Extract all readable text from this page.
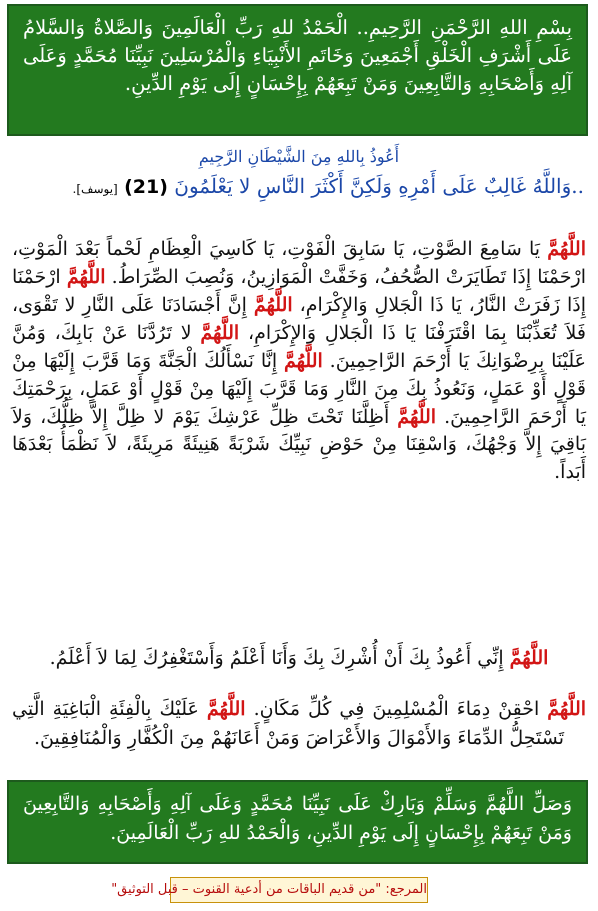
بِسْمِ اللهِ الرَّحْمَنِ الرَّحِيمِ.. الْحَمْدُ للهِ رَبِّ الْعَالَمِينَ وَالصَّلاةُ وَالسَّلامُ عَلَى أَشْرَفِ الْخَلْقِ أَجْمَعِينَ وَخَاتَمِ الأَنْبِيَاءِ وَالْمُرْسَلِينَ نَبِيِّنَا مُحَمَّدٍ وَعَلَى آلِهِ وَأَصْحَابِهِ وَالتَّابِعِينَ وَمَنْ تَبِعَهُمْ بِإِحْسَانٍ إِلَى يَوْمِ الدِّينِ.
أَعُوذُ بِاللهِ مِنَ الشَّيْطَانِ الرَّجِيمِ
..وَاللَّهُ غَالِبٌ عَلَى أَمْرِهِ وَلَكِنَّ أَكْثَرَ النَّاسِ لا يَعْلَمُونَ (21) [يوسف].
اللَّهُمَّ يَا سَامِعَ الصَّوْتِ، يَا سَابِقَ الْفَوْتِ، يَا كَاسِيَ الْعِظَامِ لَحْماً بَعْدَ الْمَوْتِ، ارْحَمْنَا إِذَا تَطَايَرَتْ الصُّحُفُ، وَخَفَّتْ الْمَوَازِينُ، وَنُصِبَ الصِّرَاطُ. اللَّهُمَّ ارْحَمْنَا إِذَا زَفَرَتْ النَّارُ، يَا ذَا الْجَلالِ وَالإِكْرَامِ، اللَّهُمَّ إِنَّ أَجْسَادَنَا عَلَى النَّارِ لا تَقْوَى، فَلاَ تُعَذِّبْنَا بِمَا اقْتَرَفْنَا يَا ذَا الْجَلالِ وَالإِكْرَامِ، اللَّهُمَّ لا تَرُدَّنَا عَنْ بَابِكَ، وَمُنَّ عَلَيْنَا بِرِضْوَانِكَ يَا أَرْحَمَ الرَّاحِمِينَ. اللَّهُمَّ إِنَّا نَسْأَلُكَ الْجَنَّةَ وَمَا قَرَّبَ إِلَيْهَا مِنْ قَوْلٍ أَوْ عَمَلٍ، وَنَعُوذُ بِكَ مِنَ النَّارِ وَمَا قَرَّبَ إِلَيْهَا مِنْ قَوْلٍ أَوْ عَمَلٍ، بِرَحْمَتِكَ يَا أَرْحَمَ الرَّاحِمِينَ. اللَّهُمَّ أَظِلَّنَا تَحْتَ ظِلِّ عَرْشِكَ يَوْمَ لا ظِلَّ إِلاَّ ظِلُّكَ، وَلاَ بَاقِيَ إِلاَّ وَجْهُكَ، وَاسْقِنَا مِنْ حَوْضِ نَبِيِّكَ شَرْبَةً هَنِيئَةً مَرِيئَةً، لاَ نَظْمَأُ بَعْدَهَا أَبَداً.
اللَّهُمَّ إِنِّي أَعُوذُ بِكَ أَنْ أُشْرِكَ بِكَ وَأَنَا أَعْلَمُ وَأَسْتَغْفِرُكَ لِمَا لاَ أَعْلَمُ.
اللَّهُمَّ احْقِنْ دِمَاءَ الْمُسْلِمِينَ فِي كُلِّ مَكَانٍ. اللَّهُمَّ عَلَيْكَ بِالْفِئَةِ الْبَاغِيَةِ الَّتِي تَسْتَحِلُّ الدِّمَاءَ وَالأَمْوَالَ وَالأَعْرَاضَ وَمَنْ أَعَانَهُمْ مِنَ الْكُفَّارِ وَالْمُنَافِقِينَ.
وَصَلِّ اللَّهُمَّ وَسَلِّمْ وَبَارِكْ عَلَى نَبِيِّنَا مُحَمَّدٍ وَعَلَى آلِهِ وَأَصْحَابِهِ وَالتَّابِعِينَ وَمَنْ تَبِعَهُمْ بِإِحْسَانٍ إِلَى يَوْمِ الدِّينِ، وَالْحَمْدُ للهِ رَبِّ الْعَالَمِينَ.
المرجع: "من قديم الباقات من أدعية القنوت – قبل التوثيق"
